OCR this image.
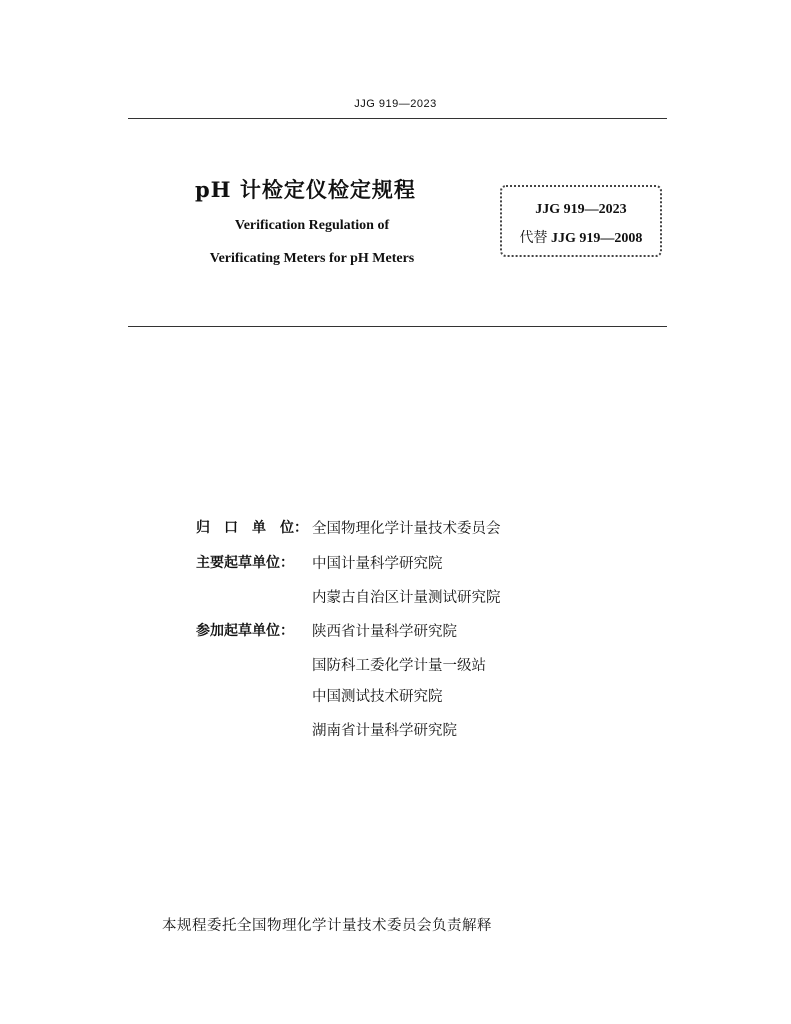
JJG 919—2023
pH 计检定仪检定规程
Verification Regulation of
Verificating Meters for pH Meters
JJG 919—2023
代替 JJG 919—2008
归　口　单　位： 全国物理化学计量技术委员会
主要起草单位： 中国计量科学研究院
内蒙古自治区计量测试研究院
参加起草单位： 陕西省计量科学研究院
国防科工委化学计量一级站
中国测试技术研究院
湖南省计量科学研究院
本规程委托全国物理化学计量技术委员会负责解释
